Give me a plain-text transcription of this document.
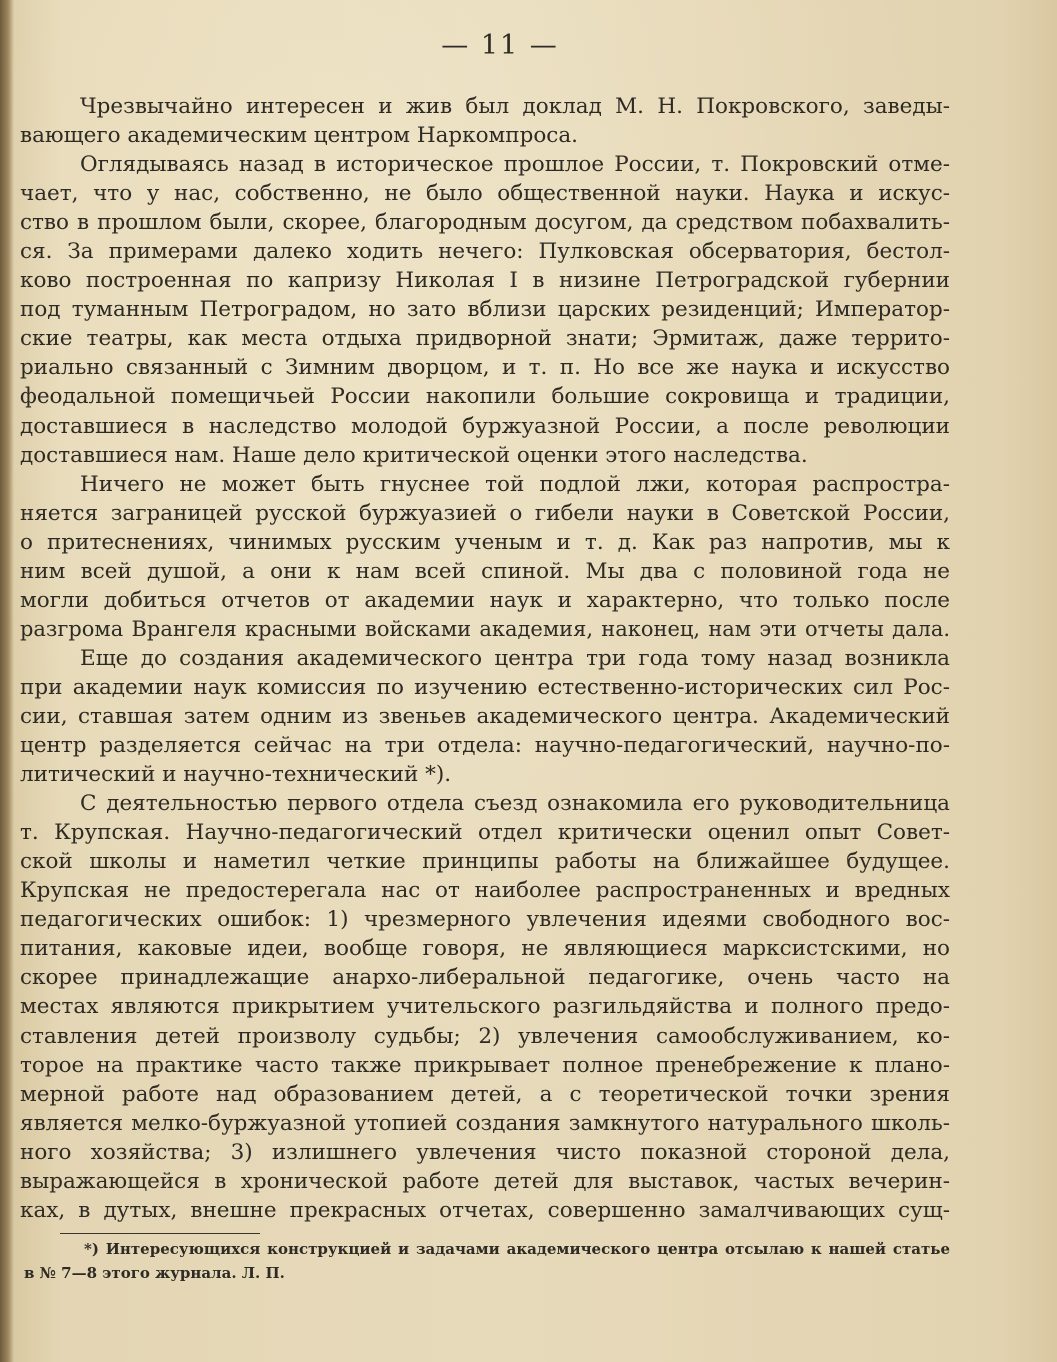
— 11 —
Чрезвычайно интересен и жив был доклад М. Н. Покровского, заведы-
вающего академическим центром Наркомпроса.
Оглядываясь назад в историческое прошлое России, т. Покровский отме-
чает, что у нас, собственно, не было общественной науки. Наука и искус-
ство в прошлом были, скорее, благородным досугом, да средством побахвалить-
ся. За примерами далеко ходить нечего: Пулковская обсерватория, бестол-
ково построенная по капризу Николая I в низине Петроградской губернии
под туманным Петроградом, но зато вблизи царских резиденций; Император-
ские театры, как места отдыха придворной знати; Эрмитаж, даже террито-
риально связанный с Зимним дворцом, и т. п. Но все же наука и искусство
феодальной помещичьей России накопили большие сокровища и традиции,
доставшиеся в наследство молодой буржуазной России, а после революции
доставшиеся нам. Наше дело критической оценки этого наследства.
Ничего не может быть гнуснее той подлой лжи, которая распростра-
няется заграницей русской буржуазией о гибели науки в Советской России,
о притеснениях, чинимых русским ученым и т. д. Как раз напротив, мы к
ним всей душой, а они к нам всей спиной. Мы два с половиной года не
могли добиться отчетов от академии наук и характерно, что только после
разгрома Врангеля красными войсками академия, наконец, нам эти отчеты дала.
Еще до создания академического центра три года тому назад возникла
при академии наук комиссия по изучению естественно-исторических сил Рос-
сии, ставшая затем одним из звеньев академического центра. Академический
центр разделяется сейчас на три отдела: научно-педагогический, научно-по-
литический и научно-технический *).
С деятельностью первого отдела съезд ознакомила его руководительница
т. Крупская. Научно-педагогический отдел критически оценил опыт Совет-
ской школы и наметил четкие принципы работы на ближайшее будущее.
Крупская не предостерегала нас от наиболее распространенных и вредных
педагогических ошибок: 1) чрезмерного увлечения идеями свободного вос-
питания, каковые идеи, вообще говоря, не являющиеся марксистскими, но
скорее принадлежащие анархо-либеральной педагогике, очень часто на
местах являются прикрытием учительского разгильдяйства и полного предо-
ставления детей произволу судьбы; 2) увлечения самообслуживанием, ко-
торое на практике часто также прикрывает полное пренебрежение к плано-
мерной работе над образованием детей, а с теоретической точки зрения
является мелко-буржуазной утопией создания замкнутого натурального школь-
ного хозяйства; 3) излишнего увлечения чисто показной стороной дела,
выражающейся в хронической работе детей для выставок, частых вечерин-
ках, в дутых, внешне прекрасных отчетах, совершенно замалчивающих сущ-
*) Интересующихся конструкцией и задачами академического центра отсылаю к нашей статье
в № 7—8 этого журнала. Л. П.
